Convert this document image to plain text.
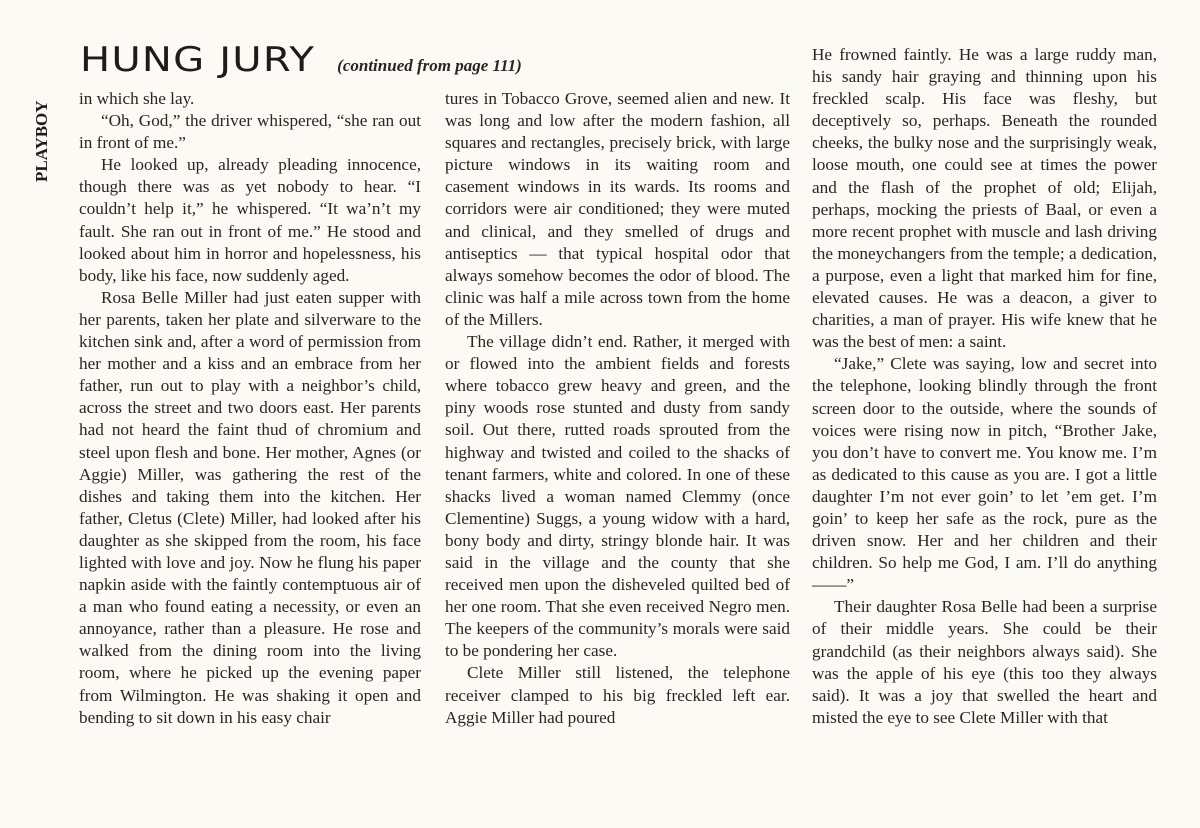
PLAYBOY
HUNG JURY (continued from page 111)

in which she lay.

“Oh, God,” the driver whispered, “she ran out in front of me.”

He looked up, already pleading innocence, though there was as yet nobody to hear. “I couldn’t help it,” he whispered. “It wa’n’t my fault. She ran out in front of me.” He stood and looked about him in horror and hopelessness, his body, like his face, now suddenly aged.

Rosa Belle Miller had just eaten supper with her parents, taken her plate and silverware to the kitchen sink and, after a word of permission from her mother and a kiss and an embrace from her father, run out to play with a neighbor’s child, across the street and two doors east. Her parents had not heard the faint thud of chromium and steel upon flesh and bone. Her mother, Agnes (or Aggie) Miller, was gathering the rest of the dishes and taking them into the kitchen. Her father, Cletus (Clete) Miller, had looked after his daughter as she skipped from the room, his face lighted with love and joy. Now he flung his paper napkin aside with the faintly contemptuous air of a man who found eating a necessity, or even an annoyance, rather than a pleasure. He rose and walked from the dining room into the living room, where he picked up the evening paper from Wilmington. He was shaking it open and bending to sit down in his easy chair

tures in Tobacco Grove, seemed alien and new. It was long and low after the modern fashion, all squares and rectangles, precisely brick, with large picture windows in its waiting room and casement windows in its wards. Its rooms and corridors were air conditioned; they were muted and clinical, and they smelled of drugs and antiseptics — that typical hospital odor that always somehow becomes the odor of blood. The clinic was half a mile across town from the home of the Millers.

The village didn’t end. Rather, it merged with or flowed into the ambient fields and forests where tobacco grew heavy and green, and the piny woods rose stunted and dusty from sandy soil. Out there, rutted roads sprouted from the highway and twisted and coiled to the shacks of tenant farmers, white and colored. In one of these shacks lived a woman named Clemmy (once Clementine) Suggs, a young widow with a hard, bony body and dirty, stringy blonde hair. It was said in the village and the county that she received men upon the disheveled quilted bed of her one room. That she even received Negro men. The keepers of the community’s morals were said to be pondering her case.

Clete Miller still listened, the telephone receiver clamped to his big freckled left ear. Aggie Miller had poured

He frowned faintly. He was a large ruddy man, his sandy hair graying and thinning upon his freckled scalp. His face was fleshy, but deceptively so, perhaps. Beneath the rounded cheeks, the bulky nose and the surprisingly weak, loose mouth, one could see at times the power and the flash of the prophet of old; Elijah, perhaps, mocking the priests of Baal, or even a more recent prophet with muscle and lash driving the moneychangers from the temple; a dedication, a purpose, even a light that marked him for fine, elevated causes. He was a deacon, a giver to charities, a man of prayer. His wife knew that he was the best of men: a saint.

“Jake,” Clete was saying, low and secret into the telephone, looking blindly through the front screen door to the outside, where the sounds of voices were rising now in pitch, “Brother Jake, you don’t have to convert me. You know me. I’m as dedicated to this cause as you are. I got a little daughter I’m not ever goin’ to let ’em get. I’m goin’ to keep her safe as the rock, pure as the driven snow. Her and her children and their children. So help me God, I am. I’ll do anything ——”

Their daughter Rosa Belle had been a surprise of their middle years. She could be their grandchild (as their neighbors always said). She was the apple of his eye (this too they always said). It was a joy that swelled the heart and misted the eye to see Clete Miller with that
